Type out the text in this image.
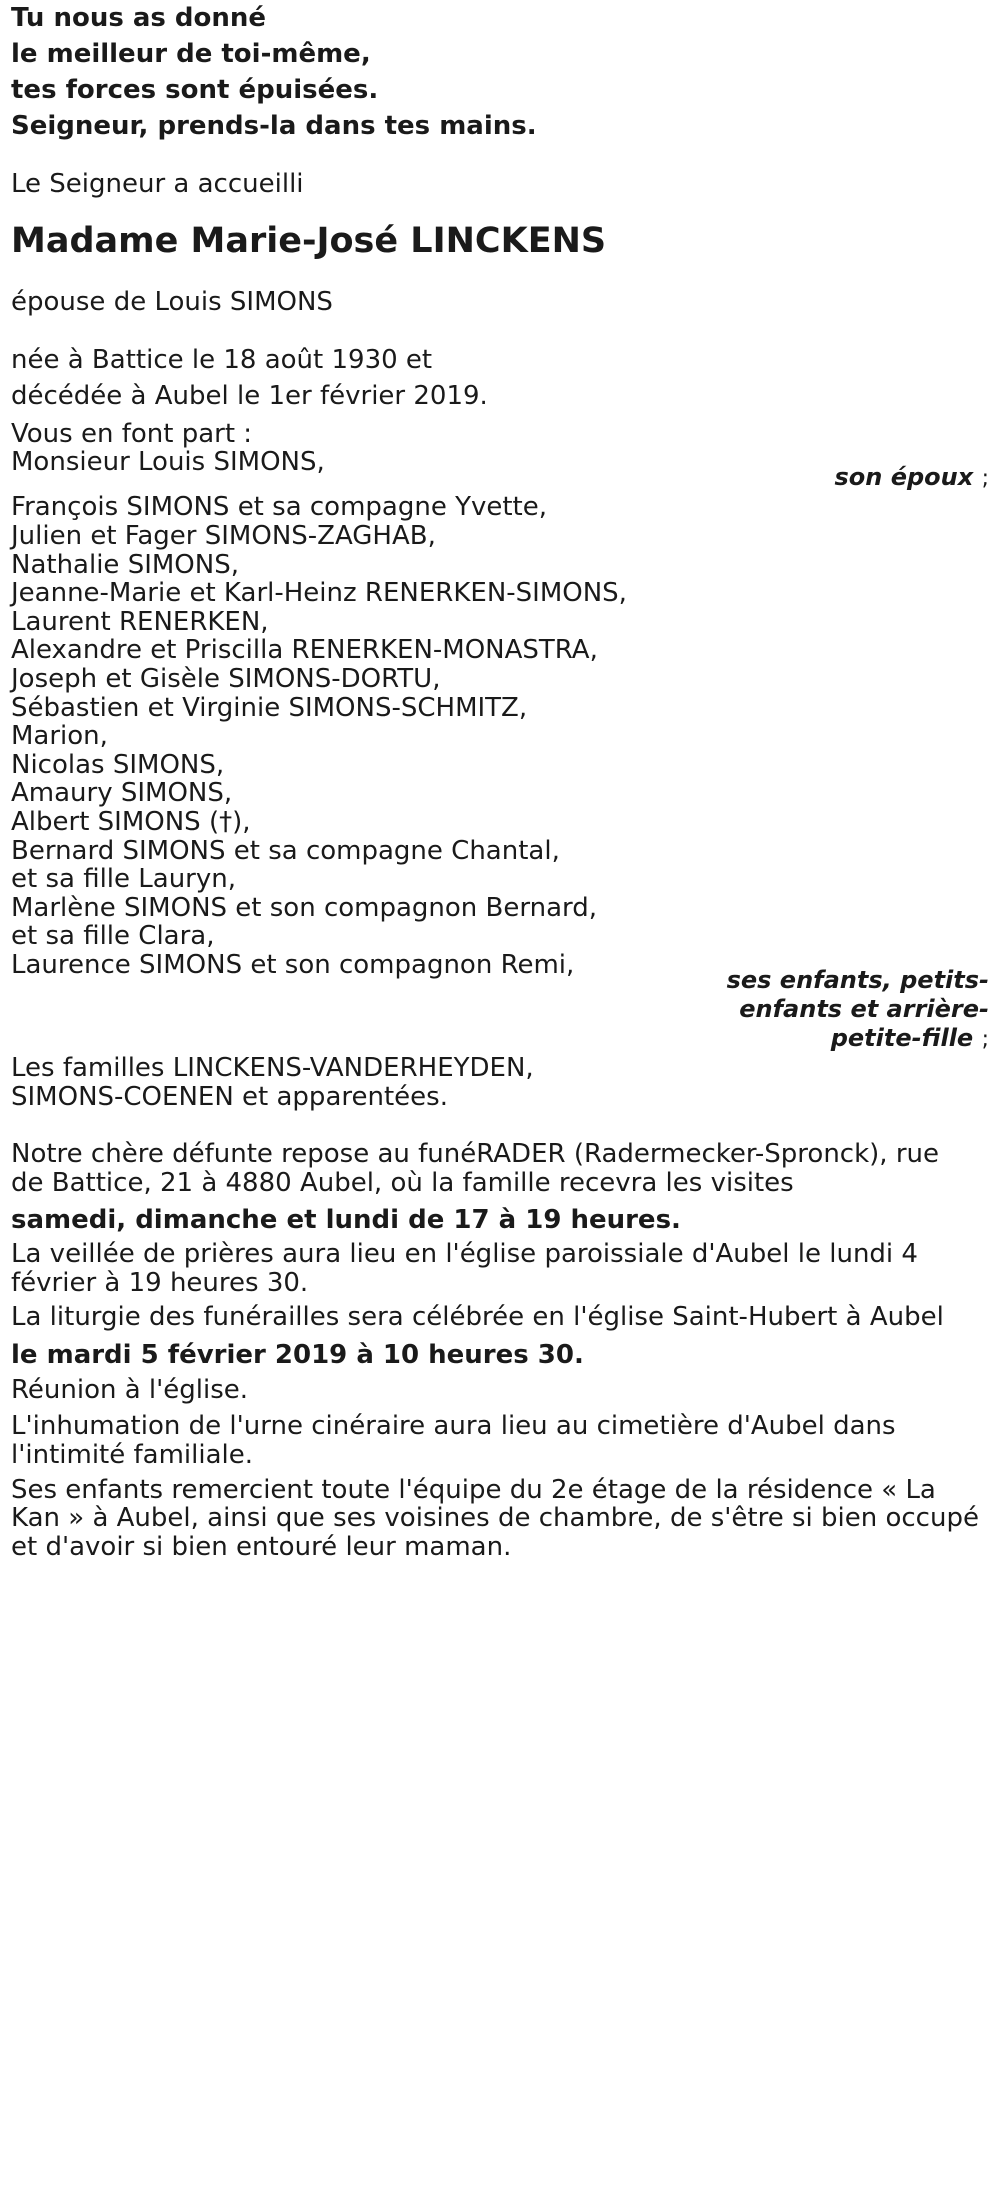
Tu nous as donné
le meilleur de toi-même,
tes forces sont épuisées.
Seigneur, prends-la dans tes mains.
Le Seigneur a accueilli
Madame Marie-José LINCKENS
épouse de Louis SIMONS
née à Battice le 18 août 1930 et
décédée à Aubel le 1er février 2019.
Vous en font part :
Monsieur Louis SIMONS,	son époux ;
François SIMONS et sa compagne Yvette,
Julien et Fager SIMONS-ZAGHAB,
Nathalie SIMONS,
Jeanne-Marie et Karl-Heinz RENERKEN-SIMONS,
Laurent RENERKEN,
Alexandre et Priscilla RENERKEN-MONASTRA,
Joseph et Gisèle SIMONS-DORTU,
Sébastien et Virginie SIMONS-SCHMITZ,
Marion,
Nicolas SIMONS,
Amaury SIMONS,
Albert SIMONS (†),
Bernard SIMONS et sa compagne Chantal,
et sa fille Lauryn,
Marlène SIMONS et son compagnon Bernard,
et sa fille Clara,
Laurence SIMONS et son compagnon Remi,	ses enfants, petits-
enfants et arrière-
petite-fille ;
Les familles LINCKENS-VANDERHEYDEN,
SIMONS-COENEN et apparentées.
Notre chère défunte repose au funéRADER (Radermecker-Spronck), rue
de Battice, 21 à 4880 Aubel, où la famille recevra les visites
samedi, dimanche et lundi de 17 à 19 heures.
La veillée de prières aura lieu en l'église paroissiale d'Aubel le lundi 4
février à 19 heures 30.
La liturgie des funérailles sera célébrée en l'église Saint-Hubert à Aubel
le mardi 5 février 2019 à 10 heures 30.
Réunion à l'église.
L'inhumation de l'urne cinéraire aura lieu au cimetière d'Aubel dans
l'intimité familiale.
Ses enfants remercient toute l'équipe du 2e étage de la résidence « La
Kan » à Aubel, ainsi que ses voisines de chambre, de s'être si bien occupé
et d'avoir si bien entouré leur maman.
